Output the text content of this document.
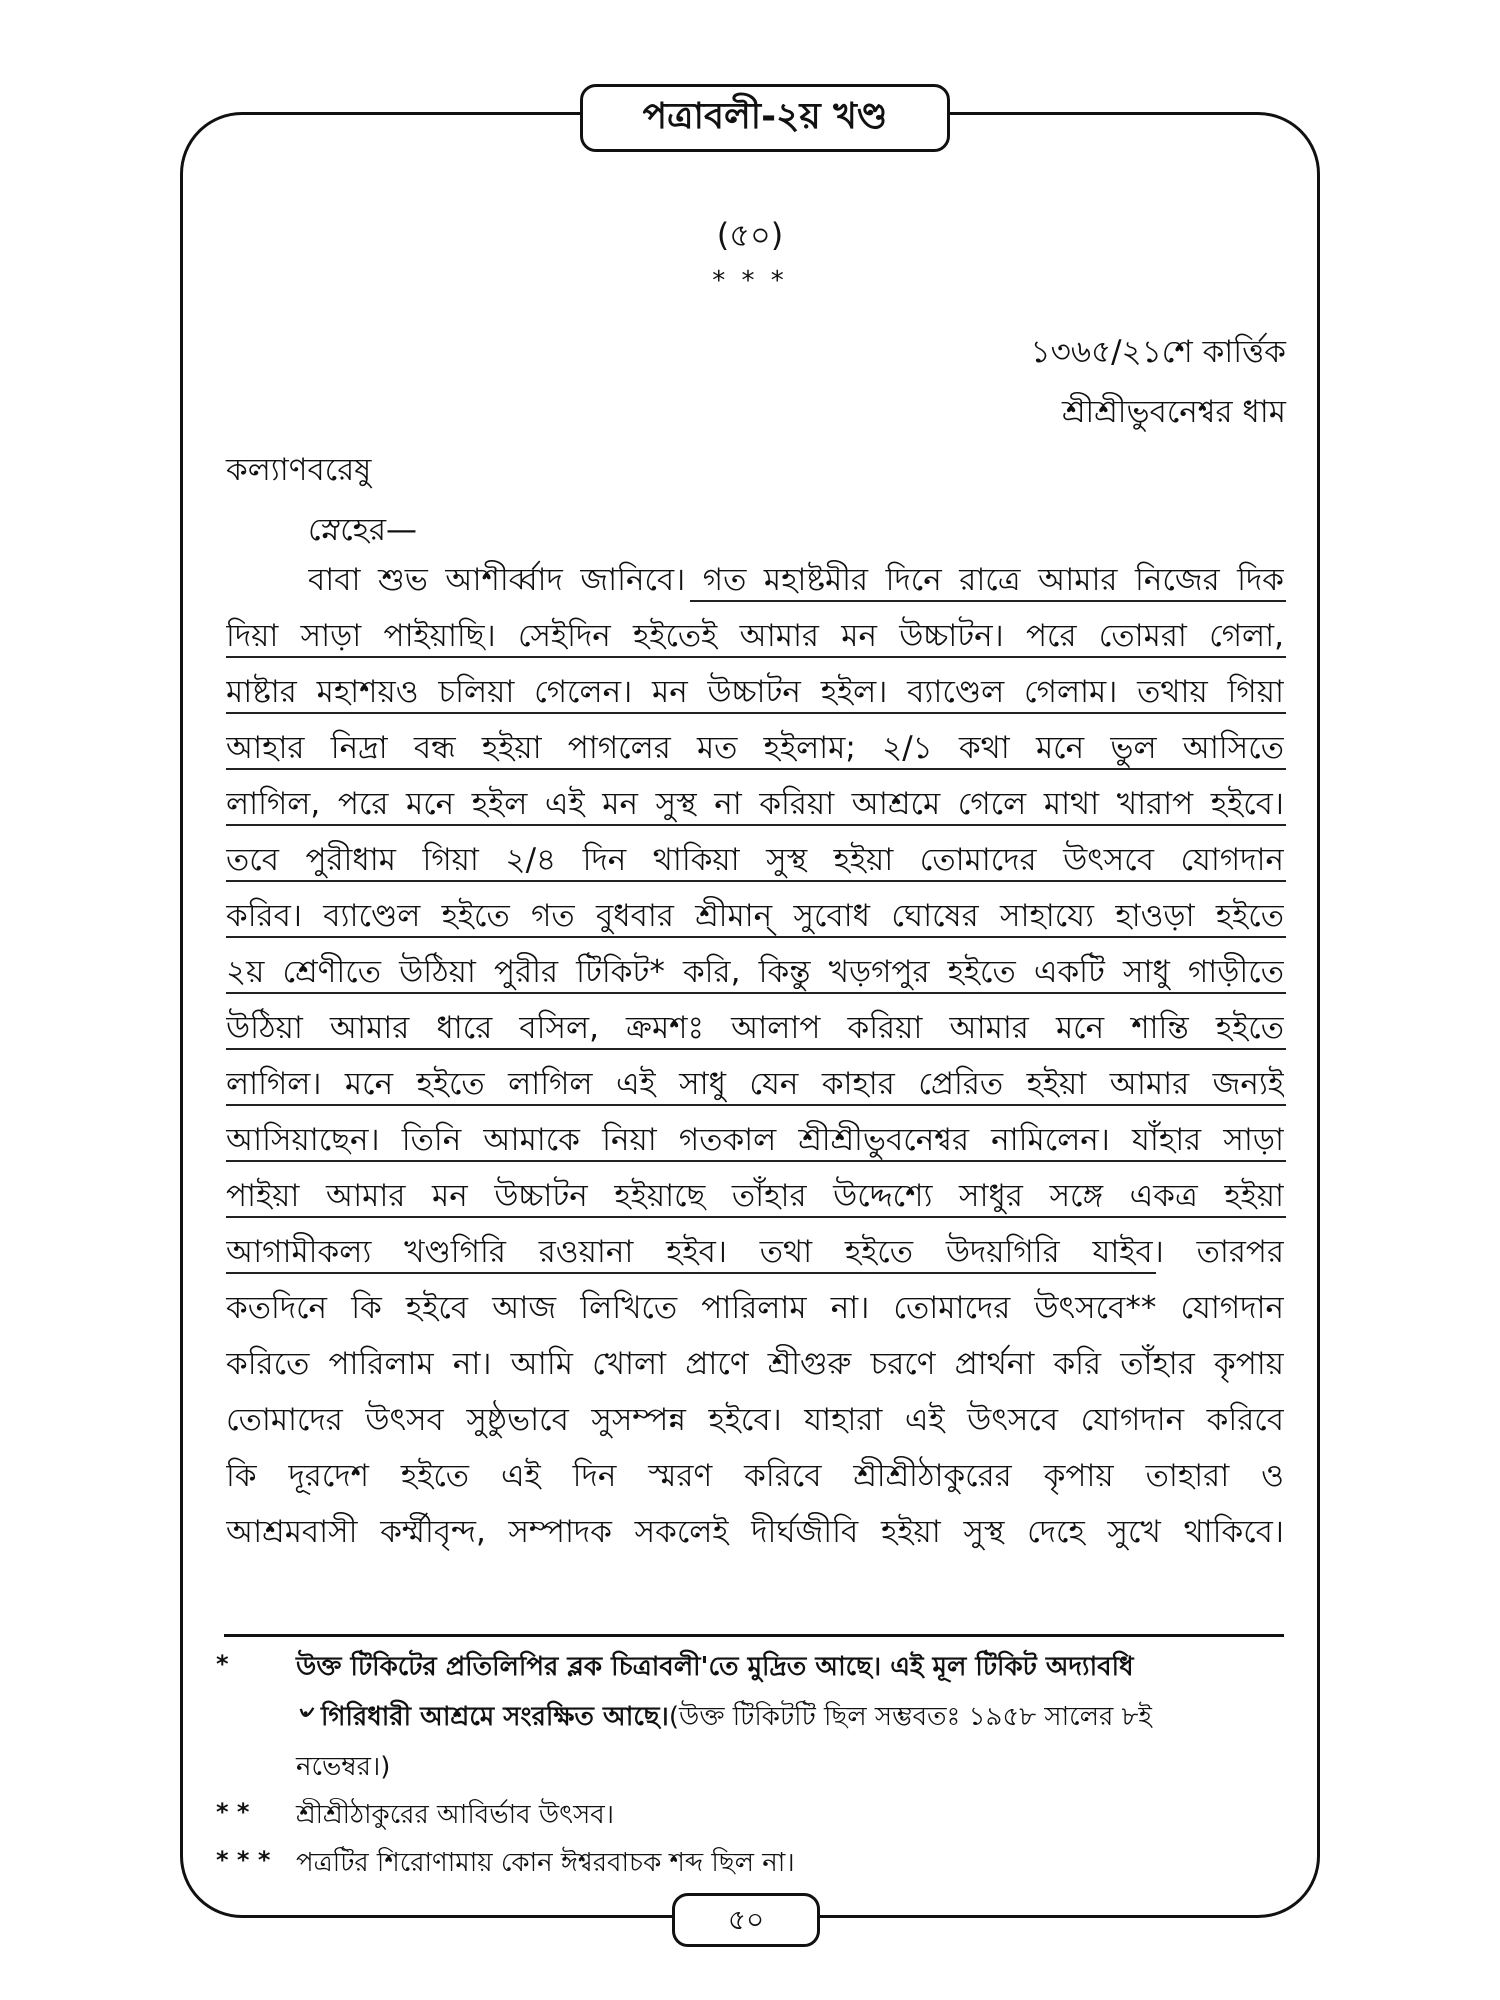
পত্রাবলী-২য় খণ্ড
(৫০)
* * *
১৩৬৫/২১শে কার্ত্তিক
শ্রীশ্রীভুবনেশ্বর ধাম
কল্যাণবরেষু
স্নেহের—
বাবা শুভ আশীর্ব্বাদ জানিবে। গত মহাষ্টমীর দিনে রাত্রে আমার নিজের দিক
দিয়া সাড়া পাইয়াছি। সেইদিন হইতেই আমার মন উচ্চাটন। পরে তোমরা গেলা,
মাষ্টার মহাশয়ও চলিয়া গেলেন। মন উচ্চাটন হইল। ব্যাণ্ডেল গেলাম। তথায় গিয়া
আহার নিদ্রা বন্ধ হইয়া পাগলের মত হইলাম; ২/১ কথা মনে ভুল আসিতে
লাগিল, পরে মনে হইল এই মন সুস্থ না করিয়া আশ্রমে গেলে মাথা খারাপ হইবে।
তবে পুরীধাম গিয়া ২/৪ দিন থাকিয়া সুস্থ হইয়া তোমাদের উৎসবে যোগদান
করিব। ব্যাণ্ডেল হইতে গত বুধবার শ্রীমান্ সুবোধ ঘোষের সাহায্যে হাওড়া হইতে
২য় শ্রেণীতে উঠিয়া পুরীর টিকিট* করি, কিন্তু খড়গপুর হইতে একটি সাধু গাড়ীতে
উঠিয়া আমার ধারে বসিল, ক্রমশঃ আলাপ করিয়া আমার মনে শান্তি হইতে
লাগিল। মনে হইতে লাগিল এই সাধু যেন কাহার প্রেরিত হইয়া আমার জন্যই
আসিয়াছেন। তিনি আমাকে নিয়া গতকাল শ্রীশ্রীভুবনেশ্বর নামিলেন। যাঁহার সাড়া
পাইয়া আমার মন উচ্চাটন হইয়াছে তাঁহার উদ্দেশ্যে সাধুর সঙ্গে একত্র হইয়া
আগামীকল্য খণ্ডগিরি রওয়ানা হইব। তথা হইতে উদয়গিরি যাইব। তারপর
কতদিনে কি হইবে আজ লিখিতে পারিলাম না। তোমাদের উৎসবে** যোগদান
করিতে পারিলাম না। আমি খোলা প্রাণে শ্রীগুরু চরণে প্রার্থনা করি তাঁহার কৃপায়
তোমাদের উৎসব সুষ্ঠুভাবে সুসম্পন্ন হইবে। যাহারা এই উৎসবে যোগদান করিবে
কি দূরদেশ হইতে এই দিন স্মরণ করিবে শ্রীশ্রীঠাকুরের কৃপায় তাহারা ও
আশ্রমবাসী কর্ম্মীবৃন্দ, সম্পাদক সকলেই দীর্ঘজীবি হইয়া সুস্থ দেহে সুখে থাকিবে।
*	উক্ত টিকিটের প্রতিলিপির ব্লক চিত্রাবলী'তে মুদ্রিত আছে। এই মূল টিকিট অদ্যাবধি
৺ গিরিধারী আশ্রমে সংরক্ষিত আছে।(উক্ত টিকিটটি ছিল সম্ভবতঃ ১৯৫৮ সালের ৮ই
নভেম্বর।)
* * শ্রীশ্রীঠাকুরের আবির্ভাব উৎসব।
* * * পত্রটির শিরোণামায় কোন ঈশ্বরবাচক শব্দ ছিল না।
৫০
